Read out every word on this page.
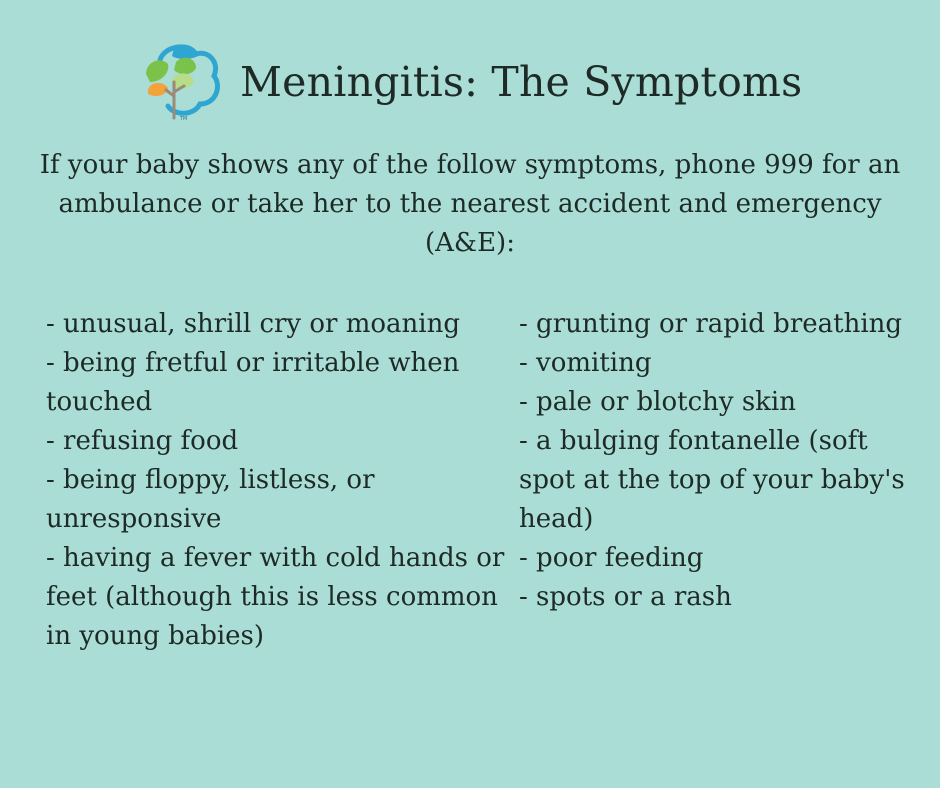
TM
Meningitis: The Symptoms
If your baby shows any of the follow symptoms, phone 999 for an ambulance or take her to the nearest accident and emergency (A&E):
- unusual, shrill cry or moaning
- being fretful or irritable when touched
- refusing food
- being floppy, listless, or unresponsive
- having a fever with cold hands or feet (although this is less common in young babies)
- grunting or rapid breathing
- vomiting
- pale or blotchy skin
- a bulging fontanelle (soft spot at the top of your baby's head)
- poor feeding
- spots or a rash
